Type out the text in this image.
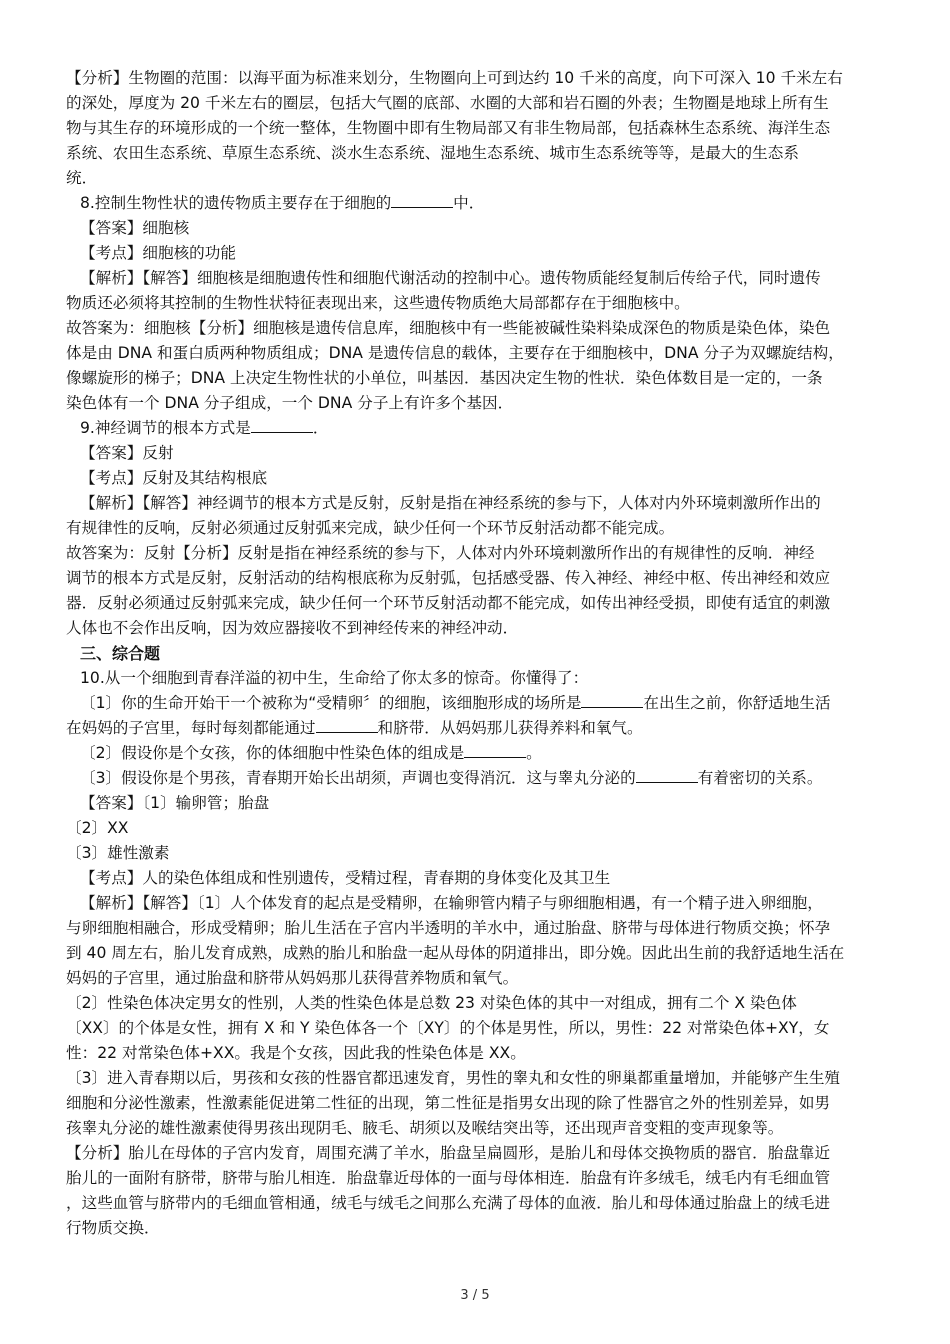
【分析】生物圈的范围：以海平面为标准来划分，生物圈向上可到达约 10 千米的高度，向下可深入 10 千米左右

的深处，厚度为 20 千米左右的圈层，包括大气圈的底部、水圈的大部和岩石圈的外表；生物圈是地球上所有生

物与其生存的环境形成的一个统一整体，生物圈中即有生物局部又有非生物局部，包括森林生态系统、海洋生态

系统、农田生态系统、草原生态系统、淡水生态系统、湿地生态系统、城市生态系统等等，是最大的生态系

统．

8.控制生物性状的遗传物质主要存在于细胞的	中．

【答案】细胞核

【考点】细胞核的功能

【解析】【解答】细胞核是细胞遗传性和细胞代谢活动的控制中心。遗传物质能经复制后传给子代，同时遗传

物质还必须将其控制的生物性状特征表现出来，这些遗传物质绝大局部都存在于细胞核中。

故答案为：细胞核【分析】细胞核是遗传信息库，细胞核中有一些能被碱性染料染成深色的物质是染色体，染色

体是由 DNA 和蛋白质两种物质组成；DNA 是遗传信息的载体，主要存在于细胞核中，DNA 分子为双螺旋结构，

像螺旋形的梯子；DNA 上决定生物性状的小单位，叫基因．基因决定生物的性状．染色体数目是一定的，一条

染色体有一个 DNA 分子组成，一个 DNA 分子上有许多个基因．

9.神经调节的根本方式是	．

【答案】反射

【考点】反射及其结构根底

【解析】【解答】神经调节的根本方式是反射，反射是指在神经系统的参与下，人体对内外环境刺激所作出的

有规律性的反响，反射必须通过反射弧来完成，缺少任何一个环节反射活动都不能完成。

故答案为：反射【分析】反射是指在神经系统的参与下，人体对内外环境刺激所作出的有规律性的反响．神经

调节的根本方式是反射，反射活动的结构根底称为反射弧，包括感受器、传入神经、神经中枢、传出神经和效应

器．反射必须通过反射弧来完成，缺少任何一个环节反射活动都不能完成，如传出神经受损，即使有适宜的刺激

人体也不会作出反响，因为效应器接收不到神经传来的神经冲动．

三、综合题

10.从一个细胞到青春洋溢的初中生，生命给了你太多的惊奇。你懂得了：

〔1〕你的生命开始干一个被称为“受精卵〞的细胞，该细胞形成的场所是	在出生之前，你舒适地生活

在妈妈的子宫里，每时每刻都能通过	和脐带．从妈妈那儿获得养料和氧气。

〔2〕假设你是个女孩，你的体细胞中性染色体的组成是	。

〔3〕假设你是个男孩，青春期开始长出胡须，声调也变得消沉．这与睾丸分泌的	有着密切的关系。

【答案】〔1〕输卵管；胎盘

〔2〕XX

〔3〕雄性激素

【考点】人的染色体组成和性别遗传，受精过程，青春期的身体变化及其卫生

【解析】【解答】〔1〕人个体发育的起点是受精卵，在输卵管内精子与卵细胞相遇，有一个精子进入卵细胞，

与卵细胞相融合，形成受精卵；胎儿生活在子宫内半透明的羊水中，通过胎盘、脐带与母体进行物质交换；怀孕

到 40 周左右，胎儿发育成熟，成熟的胎儿和胎盘一起从母体的阴道排出，即分娩。因此出生前的我舒适地生活在

妈妈的子宫里，通过胎盘和脐带从妈妈那儿获得营养物质和氧气。

〔2〕性染色体决定男女的性别，人类的性染色体是总数 23 对染色体的其中一对组成，拥有二个 X 染色体

〔XX〕的个体是女性，拥有 X 和 Y 染色体各一个〔XY〕的个体是男性，所以，男性：22 对常染色体+XY，女

性：22 对常染色体+XX。我是个女孩，因此我的性染色体是 XX。

〔3〕进入青春期以后，男孩和女孩的性器官都迅速发育，男性的睾丸和女性的卵巢都重量增加，并能够产生生殖

细胞和分泌性激素，性激素能促进第二性征的出现，第二性征是指男女出现的除了性器官之外的性别差异，如男

孩睾丸分泌的雄性激素使得男孩出现阴毛、腋毛、胡须以及喉结突出等，还出现声音变粗的变声现象等。

【分析】胎儿在母体的子宫内发育，周围充满了羊水，胎盘呈扁圆形，是胎儿和母体交换物质的器官．胎盘靠近

胎儿的一面附有脐带，脐带与胎儿相连．胎盘靠近母体的一面与母体相连．胎盘有许多绒毛，绒毛内有毛细血管

，这些血管与脐带内的毛细血管相通，绒毛与绒毛之间那么充满了母体的血液．胎儿和母体通过胎盘上的绒毛进

行物质交换．

3 / 5
